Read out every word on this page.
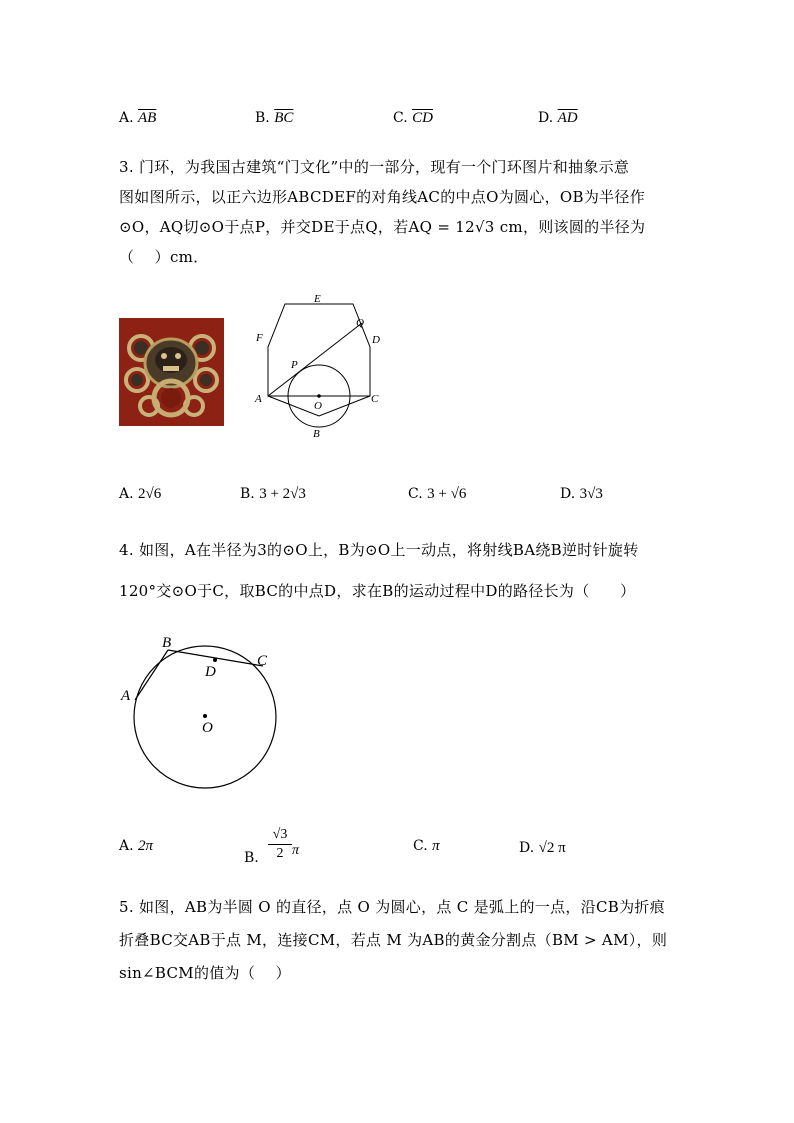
A. $\overline{AB}$	B. $\overline{BC}$	C. $\overline{CD}$	D. $\overline{AD}$
3. 门环，为我国古建筑“门文化”中的一部分，现有一个门环图片和抽象示意
图如图所示，以正六边形ABCDEF的对角线AC的中点O为圆心，OB为半径作
⊙O，AQ切⊙O于点P，并交DE于点Q，若AQ = 12√3 cm，则该圆的半径为
（　 ）cm．
E
Q
F	D
P
A
O
C
B
A. 2√6	B. 3 + 2√3	C. 3 + √6	D. 3√3
4. 如图，A在半径为3的⊙O上，B为⊙O上一动点，将射线BA绕B逆时针旋转
120°交⊙O于C，取BC的中点D，求在B的运动过程中D的路径长为（　　）
B
D
C
A
O
A. 2π
B.
√3
2 π	C. π	D. √2 π
5. 如图，AB为半圆 O 的直径，点 O 为圆心，点 C 是弧上的一点，沿CB为折痕
折叠BC交AB于点 M，连接CM，若点 M 为AB的黄金分割点（BM > AM），则
sin∠BCM的值为（　 ）
